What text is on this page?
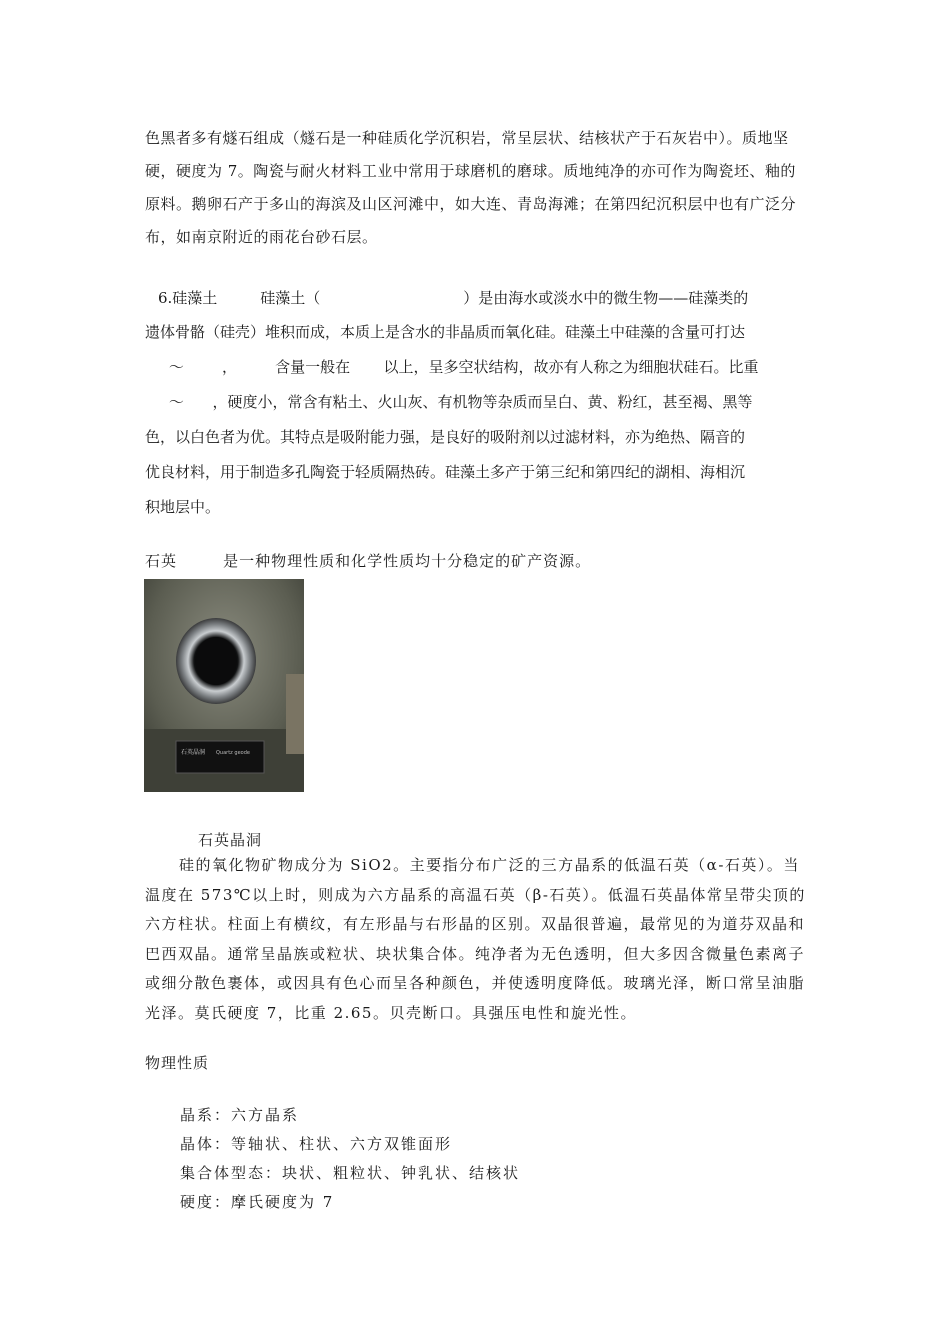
色黑者多有燧石组成（燧石是一种硅质化学沉积岩，常呈层状、结核状产于石灰岩中）。质地坚硬，硬度为 7。陶瓷与耐火材料工业中常用于球磨机的磨球。质地纯净的亦可作为陶瓷坯、釉的原料。鹅卵石产于多山的海滨及山区河滩中，如大连、青岛海滩；在第四纪沉积层中也有广泛分布，如南京附近的雨花台砂石层。

6.硅藻土         硅藻土（                              ）是由海水或淡水中的微生物——硅藻类的

遗体骨骼（硅壳）堆积而成，本质上是含水的非晶质而氧化硅。硅藻土中硅藻的含量可打达

～        ，        含量一般在       以上，呈多空状结构，故亦有人称之为细胞状硅石。比重

～      ，硬度小，常含有粘土、火山灰、有机物等杂质而呈白、黄、粉红，甚至褐、黑等

色，以白色者为优。其特点是吸附能力强，是良好的吸附剂以过滤材料，亦为绝热、隔音的

优良材料，用于制造多孔陶瓷于轻质隔热砖。硅藻土多产于第三纪和第四纪的湖相、海相沉

积地层中。

石英        是一种物理性质和化学性质均十分稳定的矿产资源。

石英晶洞 Quartz geode

石英晶洞

硅的氧化物矿物成分为 SiO2。主要指分布广泛的三方晶系的低温石英（α-石英）。当温度在 573℃以上时，则成为六方晶系的高温石英（β-石英）。低温石英晶体常呈带尖顶的六方柱状。柱面上有横纹，有左形晶与右形晶的区别。双晶很普遍，最常见的为道芬双晶和巴西双晶。通常呈晶族或粒状、块状集合体。纯净者为无色透明，但大多因含微量色素离子或细分散色裹体，或因具有色心而呈各种颜色，并使透明度降低。玻璃光泽，断口常呈油脂光泽。莫氏硬度 7，比重 2.65。贝壳断口。具强压电性和旋光性。

物理性质

晶系：六方晶系

晶体：等轴状、柱状、六方双锥面形

集合体型态：块状、粗粒状、钟乳状、结核状

硬度：摩氏硬度为 7
